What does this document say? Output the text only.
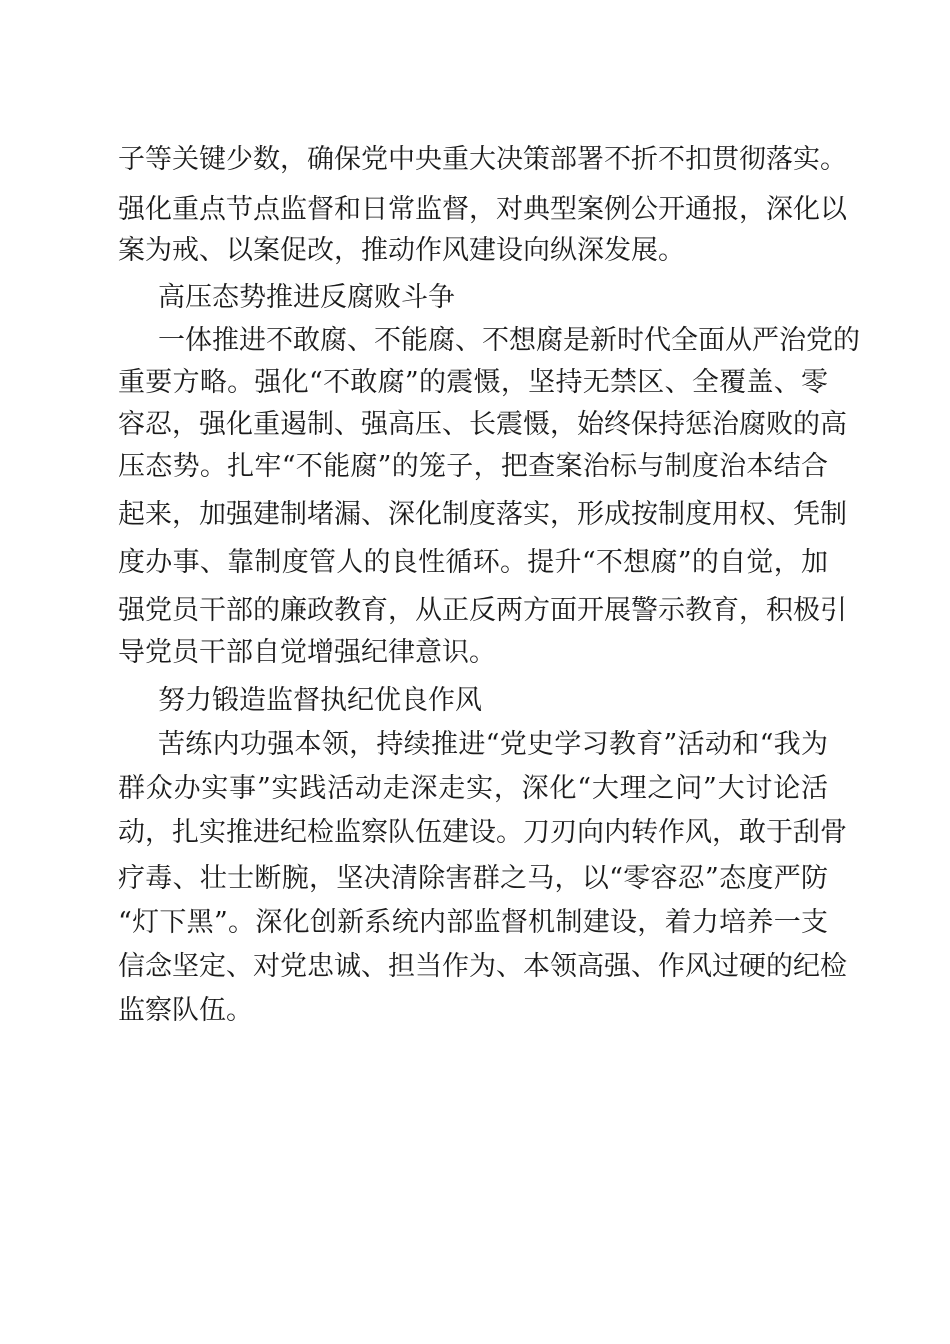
子等关键少数，确保党中央重大决策部署不折不扣贯彻落实。
强化重点节点监督和日常监督，对典型案例公开通报，深化以
案为戒、以案促改，推动作风建设向纵深发展。
高压态势推进反腐败斗争
一体推进不敢腐、不能腐、不想腐是新时代全面从严治党的
重要方略。强化“不敢腐”的震慑，坚持无禁区、全覆盖、零
容忍，强化重遏制、强高压、长震慑，始终保持惩治腐败的高
压态势。扎牢“不能腐”的笼子，把查案治标与制度治本结合
起来，加强建制堵漏、深化制度落实，形成按制度用权、凭制
度办事、靠制度管人的良性循环。提升“不想腐”的自觉，加
强党员干部的廉政教育，从正反两方面开展警示教育，积极引
导党员干部自觉增强纪律意识。
努力锻造监督执纪优良作风
苦练内功强本领，持续推进“党史学习教育”活动和“我为
群众办实事”实践活动走深走实，深化“大理之问”大讨论活
动，扎实推进纪检监察队伍建设。刀刃向内转作风，敢于刮骨
疗毒、壮士断腕，坚决清除害群之马，以“零容忍”态度严防
“灯下黑”。深化创新系统内部监督机制建设，着力培养一支
信念坚定、对党忠诚、担当作为、本领高强、作风过硬的纪检
监察队伍。
